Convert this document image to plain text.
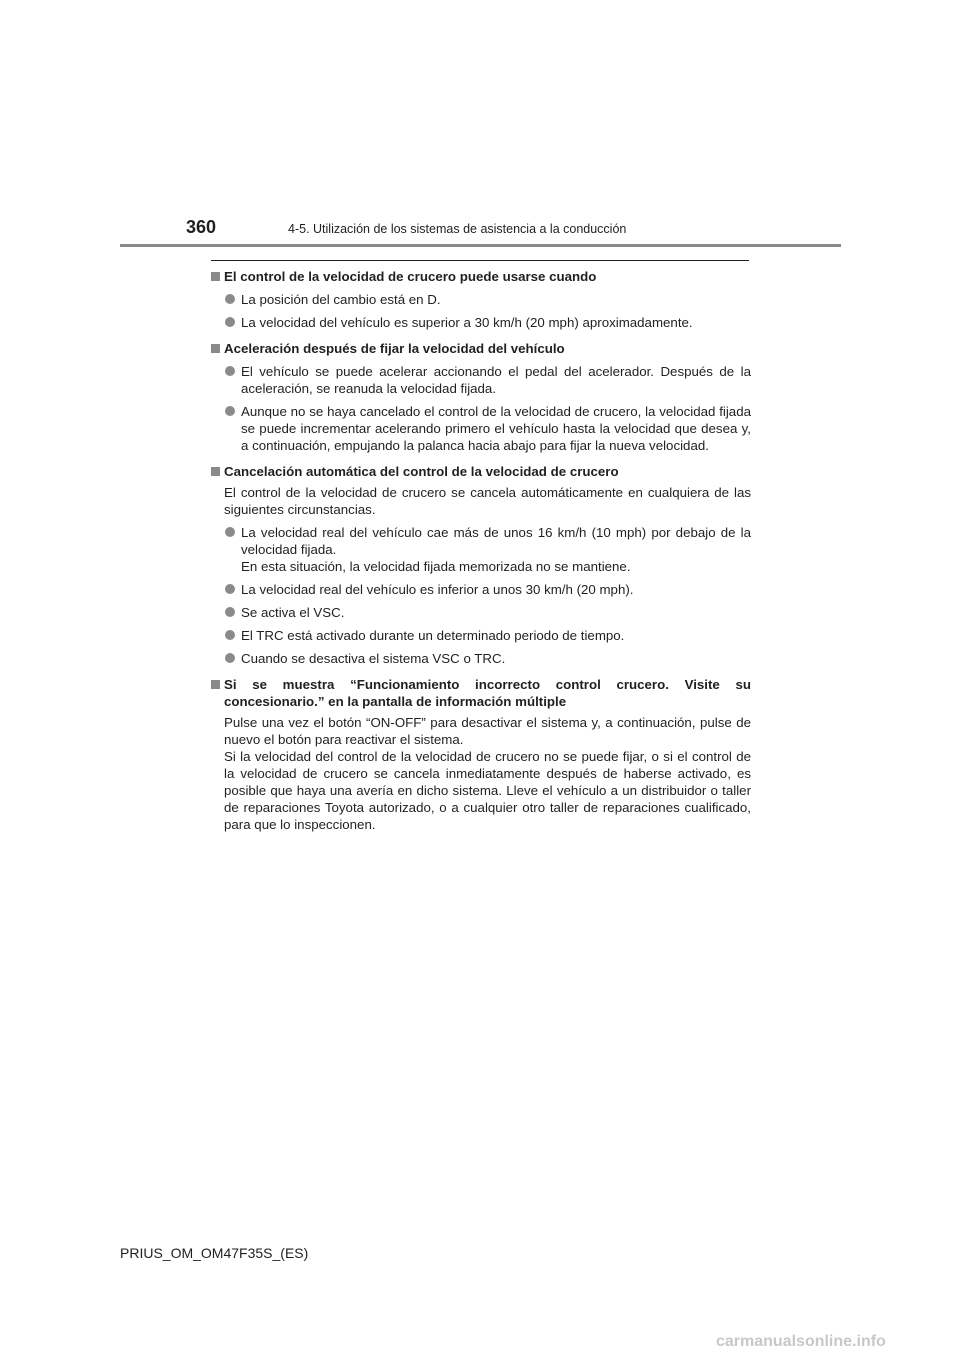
360	4-5. Utilización de los sistemas de asistencia a la conducción
El control de la velocidad de crucero puede usarse cuando
La posición del cambio está en D.
La velocidad del vehículo es superior a 30 km/h (20 mph) aproximadamente.
Aceleración después de fijar la velocidad del vehículo
El vehículo se puede acelerar accionando el pedal del acelerador. Después de la aceleración, se reanuda la velocidad fijada.
Aunque no se haya cancelado el control de la velocidad de crucero, la velocidad fijada se puede incrementar acelerando primero el vehículo hasta la velocidad que desea y, a continuación, empujando la palanca hacia abajo para fijar la nueva velocidad.
Cancelación automática del control de la velocidad de crucero
El control de la velocidad de crucero se cancela automáticamente en cualquiera de las siguientes circunstancias.
La velocidad real del vehículo cae más de unos 16 km/h (10 mph) por debajo de la velocidad fijada.
En esta situación, la velocidad fijada memorizada no se mantiene.
La velocidad real del vehículo es inferior a unos 30 km/h (20 mph).
Se activa el VSC.
El TRC está activado durante un determinado periodo de tiempo.
Cuando se desactiva el sistema VSC o TRC.
Si se muestra “Funcionamiento incorrecto control crucero. Visite su concesionario.” en la pantalla de información múltiple
Pulse una vez el botón “ON-OFF” para desactivar el sistema y, a continuación, pulse de nuevo el botón para reactivar el sistema.
Si la velocidad del control de la velocidad de crucero no se puede fijar, o si el control de la velocidad de crucero se cancela inmediatamente después de haberse activado, es posible que haya una avería en dicho sistema. Lleve el vehículo a un distribuidor o taller de reparaciones Toyota autorizado, o a cualquier otro taller de reparaciones cualificado, para que lo inspeccionen.
PRIUS_OM_OM47F35S_(ES)
carmanualsonline.info
